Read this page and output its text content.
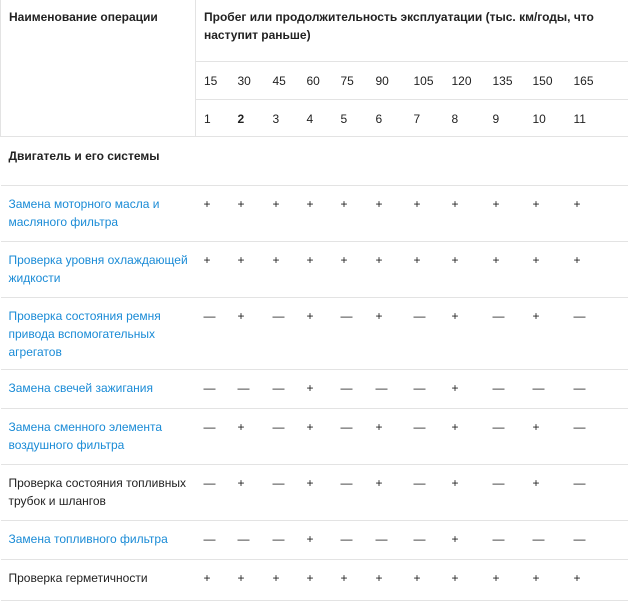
Наименование операции	Пробег или продолжительность эксплуатации (тыс. км/годы, что наступит раньше)										
	15	30	45	60	75	90	105	120	135	150	165
	1	2	3	4	5	6	7	8	9	10	11
Двигатель и его системы											
Замена моторного масла и масляного фильтра	+	+	+	+	+	+	+	+	+	+	+
Проверка уровня охлаждающей жидкости	+	+	+	+	+	+	+	+	+	+	+
Проверка состояния ремня привода вспомогательных агрегатов	—	+	—	+	—	+	—	+	—	+	—
Замена свечей зажигания	—	—	—	+	—	—	—	+	—	—	—
Замена сменного элемента воздушного фильтра	—	+	—	+	—	+	—	+	—	+	—
Проверка состояния топливных трубок и шлангов	—	+	—	+	—	+	—	+	—	+	—
Замена топливного фильтра	—	—	—	+	—	—	—	+	—	—	—
Проверка герметичности	+	+	+	+	+	+	+	+	+	+	+
